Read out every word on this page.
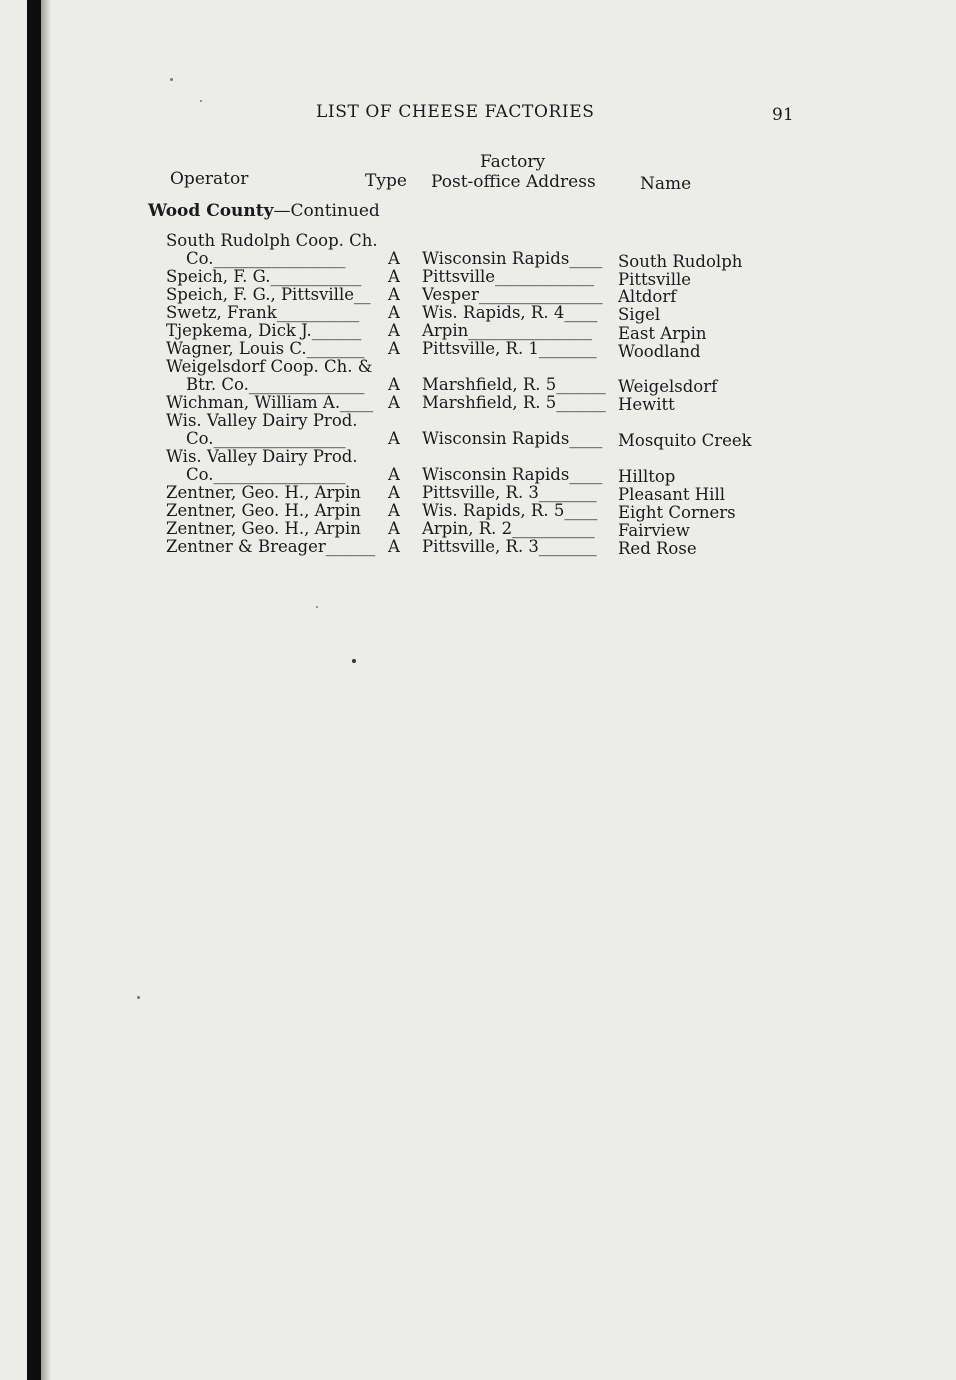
LIST OF CHEESE FACTORIES	91
Factory
Operator	Type Post-office Address	Name
Wood County—Continued
South Rudolph Coop. Ch.
Co.________________	A Wisconsin Rapids____ South Rudolph
Speich, F. G.___________ A Pittsville____________ Pittsville
Speich, F. G., Pittsville__ A Vesper_______________ Altdorf
Swetz, Frank__________ A Wis. Rapids, R. 4____ Sigel
Tjepkema, Dick J.______ A Arpin_______________ East Arpin
Wagner, Louis C._______ A Pittsville, R. 1_______ Woodland
Weigelsdorf Coop. Ch. &
Btr. Co.______________ A Marshfield, R. 5______ Weigelsdorf
Wichman, William A.____ A Marshfield, R. 5______ Hewitt
Wis. Valley Dairy Prod.
Co.________________	A Wisconsin Rapids____ Mosquito Creek
Wis. Valley Dairy Prod.
Co.________________	A Wisconsin Rapids____ Hilltop
Zentner, Geo. H., Arpin A Pittsville, R. 3_______ Pleasant Hill
Zentner, Geo. H., Arpin A Wis. Rapids, R. 5____ Eight Corners
Zentner, Geo. H., Arpin A Arpin, R. 2__________ Fairview
Zentner & Breager______ A Pittsville, R. 3_______ Red Rose
